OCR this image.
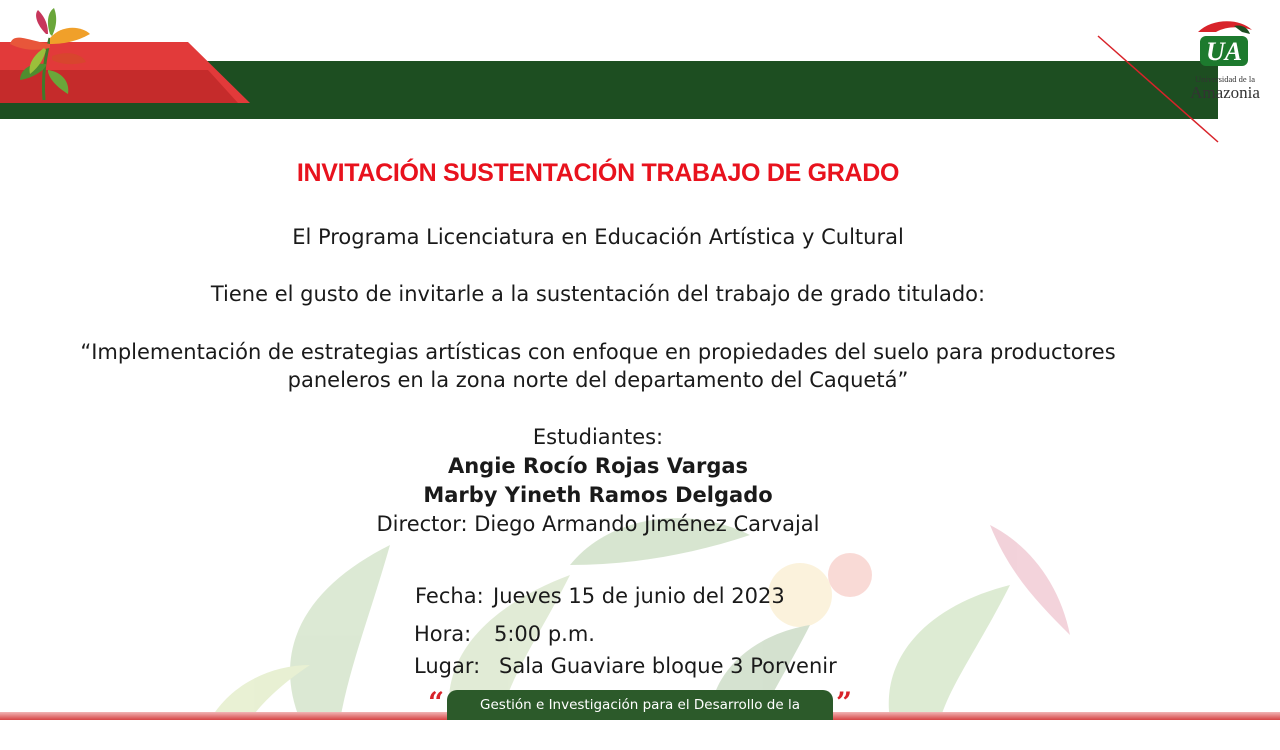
UA
Universidad de la
Amazonia
INVITACIÓN SUSTENTACIÓN TRABAJO DE GRADO
El Programa Licenciatura en Educación Artística y Cultural
Tiene el gusto de invitarle a la sustentación del trabajo de grado titulado:
“Implementación de estrategias artísticas con enfoque en propiedades del suelo para productores
paneleros en la zona norte del departamento del Caquetá”
Estudiantes:
Angie Rocío Rojas Vargas
Marby Yineth Ramos Delgado
Director: Diego Armando Jiménez Carvajal
Fecha: Jueves 15 de junio del 2023
Hora: 5:00 p.m.
Lugar: Sala Guaviare bloque 3 Porvenir
“	Gestión e Investigación para el Desarrollo de la Amazonía
”
